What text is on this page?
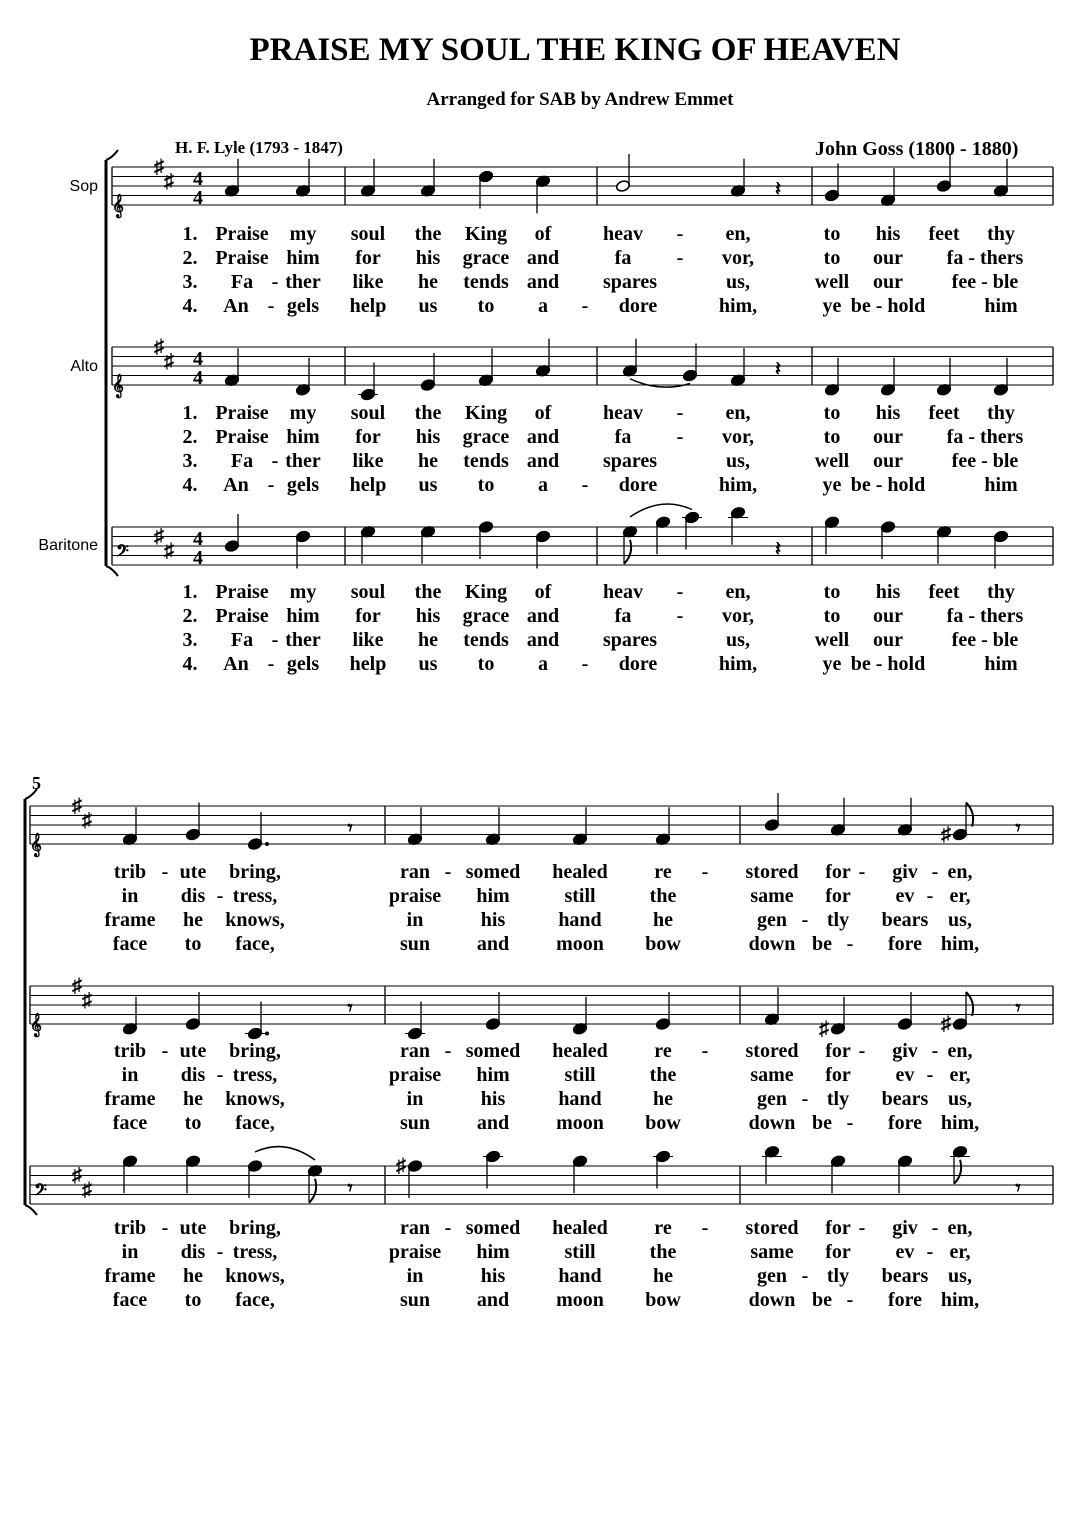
PRAISE MY SOUL THE KING OF HEAVEN
Arranged for SAB by Andrew Emmet
H. F. Lyle (1793 - 1847)	John Goss (1800 - 1880)
Sop
Alto
Baritone
5
𝄞
𝄞
𝄢
♯
♯ 4
4
♯
♯ 4
4
♯
♯
4
4
𝄽
𝄽
𝄽
𝄞
𝄞
𝄢
♯
♯
♯
♯
♯
♯
𝄾	♯	𝄾
𝄾
♯	♯
𝄾
𝄾
♯
𝄾
1. Praise my soul the King of	heav - en,	to his feet thy
2. Praise him for his grace and	fa - vor,	to our fa - thers
3. Fa - ther like he tends and spares	us,	well our fee - ble
4. An - gels help us to a - dore	him,	ye be - hold	him
1. Praise my soul the King of	heav - en,	to his feet thy
2. Praise him for his grace and	fa - vor,	to our fa - thers
3. Fa - ther like he tends and spares	us,	well our fee - ble
4. An - gels help us to a - dore	him,	ye be - hold	him
1. Praise my soul the King of	heav - en,	to his feet thy
2. Praise him for his grace and	fa - vor,	to our fa - thers
3. Fa - ther like he tends and spares	us,	well our fee - ble
4. An - gels help us to a - dore	him,	ye be - hold	him
trib - ute bring,	ran - somed healed re - stored for - giv - en,
in dis - tress,	praise him	still	the	same for ev - er,
frame he knows,	in	his	hand	he	gen - tly bears us,
face to face,	sun and moon bow	down be - fore him,
trib - ute bring,	ran - somed healed re - stored for - giv - en,
in dis - tress,	praise him	still	the	same for ev - er,
frame he knows,	in	his	hand	he	gen - tly bears us,
face to face,	sun and moon bow	down be - fore him,
trib - ute bring,	ran - somed healed re - stored for - giv - en,
in dis - tress,	praise him	still	the	same for ev - er,
frame he knows,	in	his	hand	he	gen - tly bears us,
face to face,	sun and moon bow	down be - fore him,
